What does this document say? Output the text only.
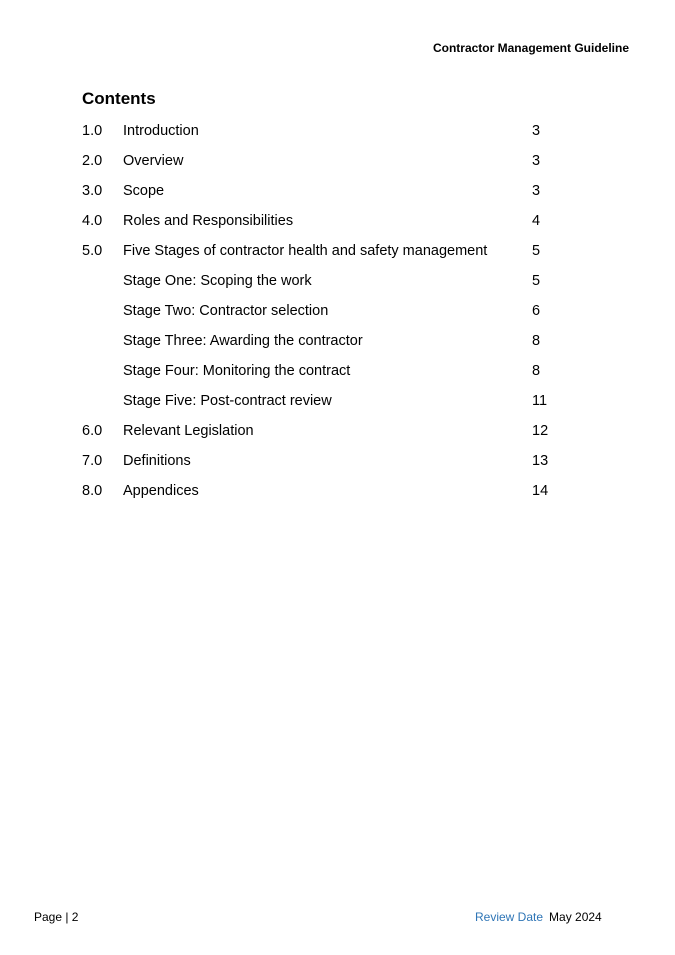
Contractor Management Guideline
Contents
1.0	Introduction	3
2.0	Overview	3
3.0	Scope	3
4.0	Roles and Responsibilities	4
5.0	Five Stages of contractor health and safety management	5
Stage One: Scoping the work	5
Stage Two: Contractor selection	6
Stage Three: Awarding the contractor	8
Stage Four: Monitoring the contract	8
Stage Five: Post-contract review	11
6.0	Relevant Legislation	12
7.0	Definitions	13
8.0	Appendices	14
Page | 2	Review Date May 2024
